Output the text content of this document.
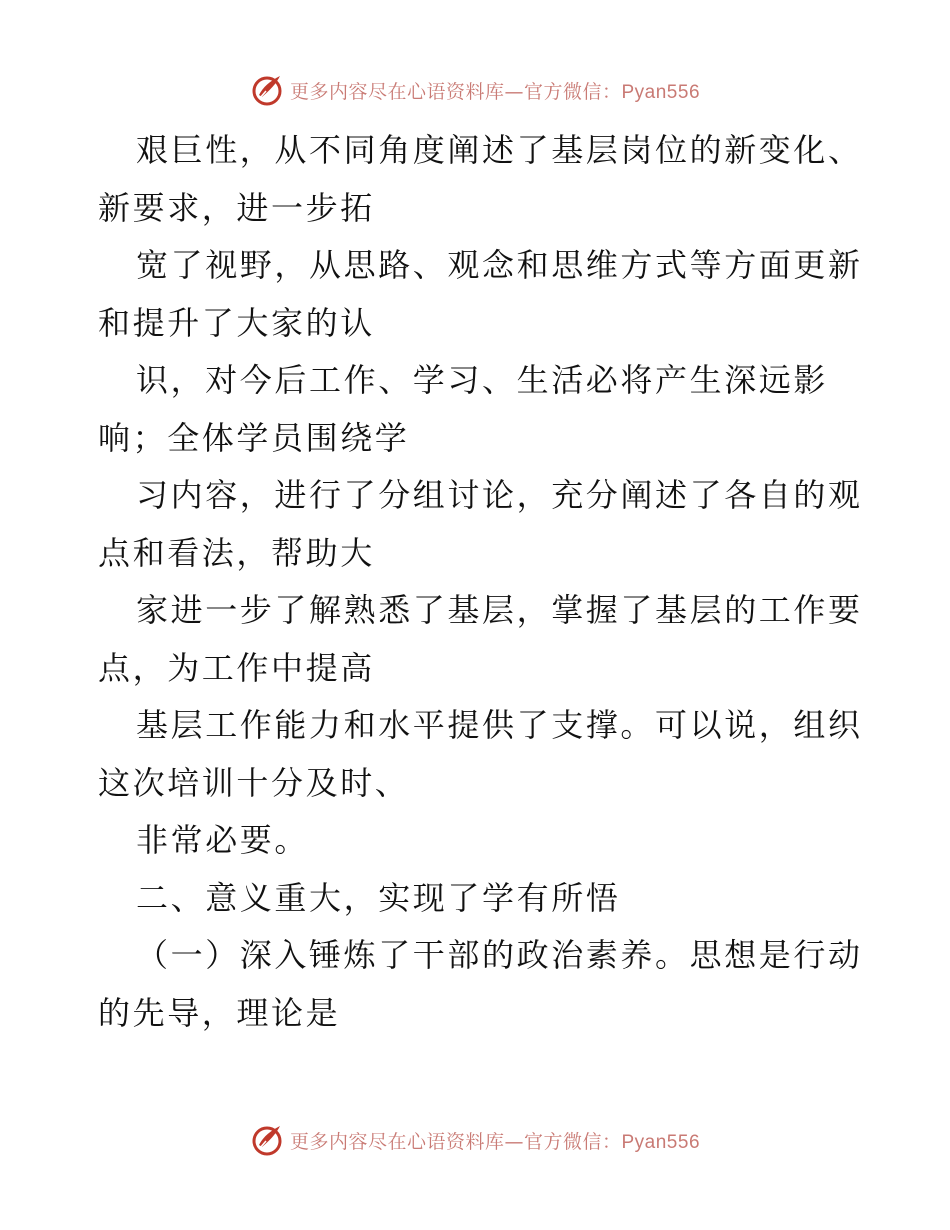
更多内容尽在心语资料库—官方微信：Pyan556
艰巨性，从不同角度阐述了基层岗位的新变化、
新要求，进一步拓
宽了视野，从思路、观念和思维方式等方面更新
和提升了大家的认
识，对今后工作、学习、生活必将产生深远影
响；全体学员围绕学
习内容，进行了分组讨论，充分阐述了各自的观
点和看法，帮助大
家进一步了解熟悉了基层，掌握了基层的工作要
点，为工作中提高
基层工作能力和水平提供了支撑。可以说，组织
这次培训十分及时、
非常必要。
二、意义重大，实现了学有所悟
（一）深入锤炼了干部的政治素养。思想是行动
的先导，理论是
更多内容尽在心语资料库—官方微信：Pyan556
